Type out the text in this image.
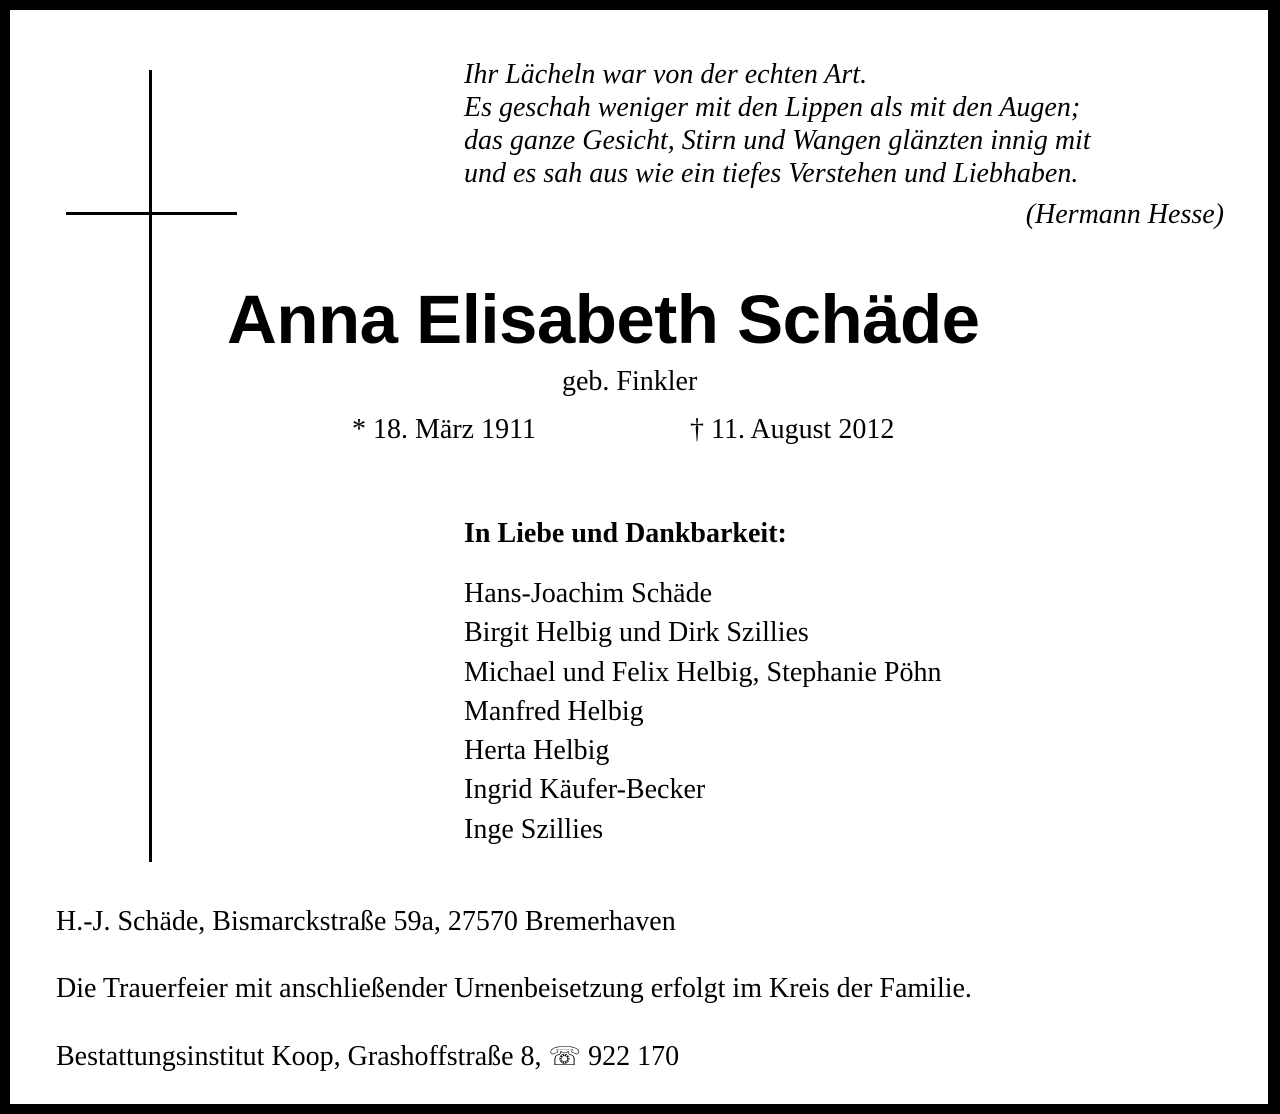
Ihr Lächeln war von der echten Art.
Es geschah weniger mit den Lippen als mit den Augen;
das ganze Gesicht, Stirn und Wangen glänzten innig mit
und es sah aus wie ein tiefes Verstehen und Liebhaben.
(Hermann Hesse)
Anna Elisabeth Schäde
geb. Finkler
* 18. März 1911	† 11. August 2012
In Liebe und Dankbarkeit:
Hans-Joachim Schäde
Birgit Helbig und Dirk Szillies
Michael und Felix Helbig, Stephanie Pöhn
Manfred Helbig
Herta Helbig
Ingrid Käufer-Becker
Inge Szillies
H.-J. Schäde, Bismarckstraße 59a, 27570 Bremerhaven
Die Trauerfeier mit anschließender Urnenbeisetzung erfolgt im Kreis der Familie.
Bestattungsinstitut Koop, Grashoffstraße 8, ☏ 922 170
